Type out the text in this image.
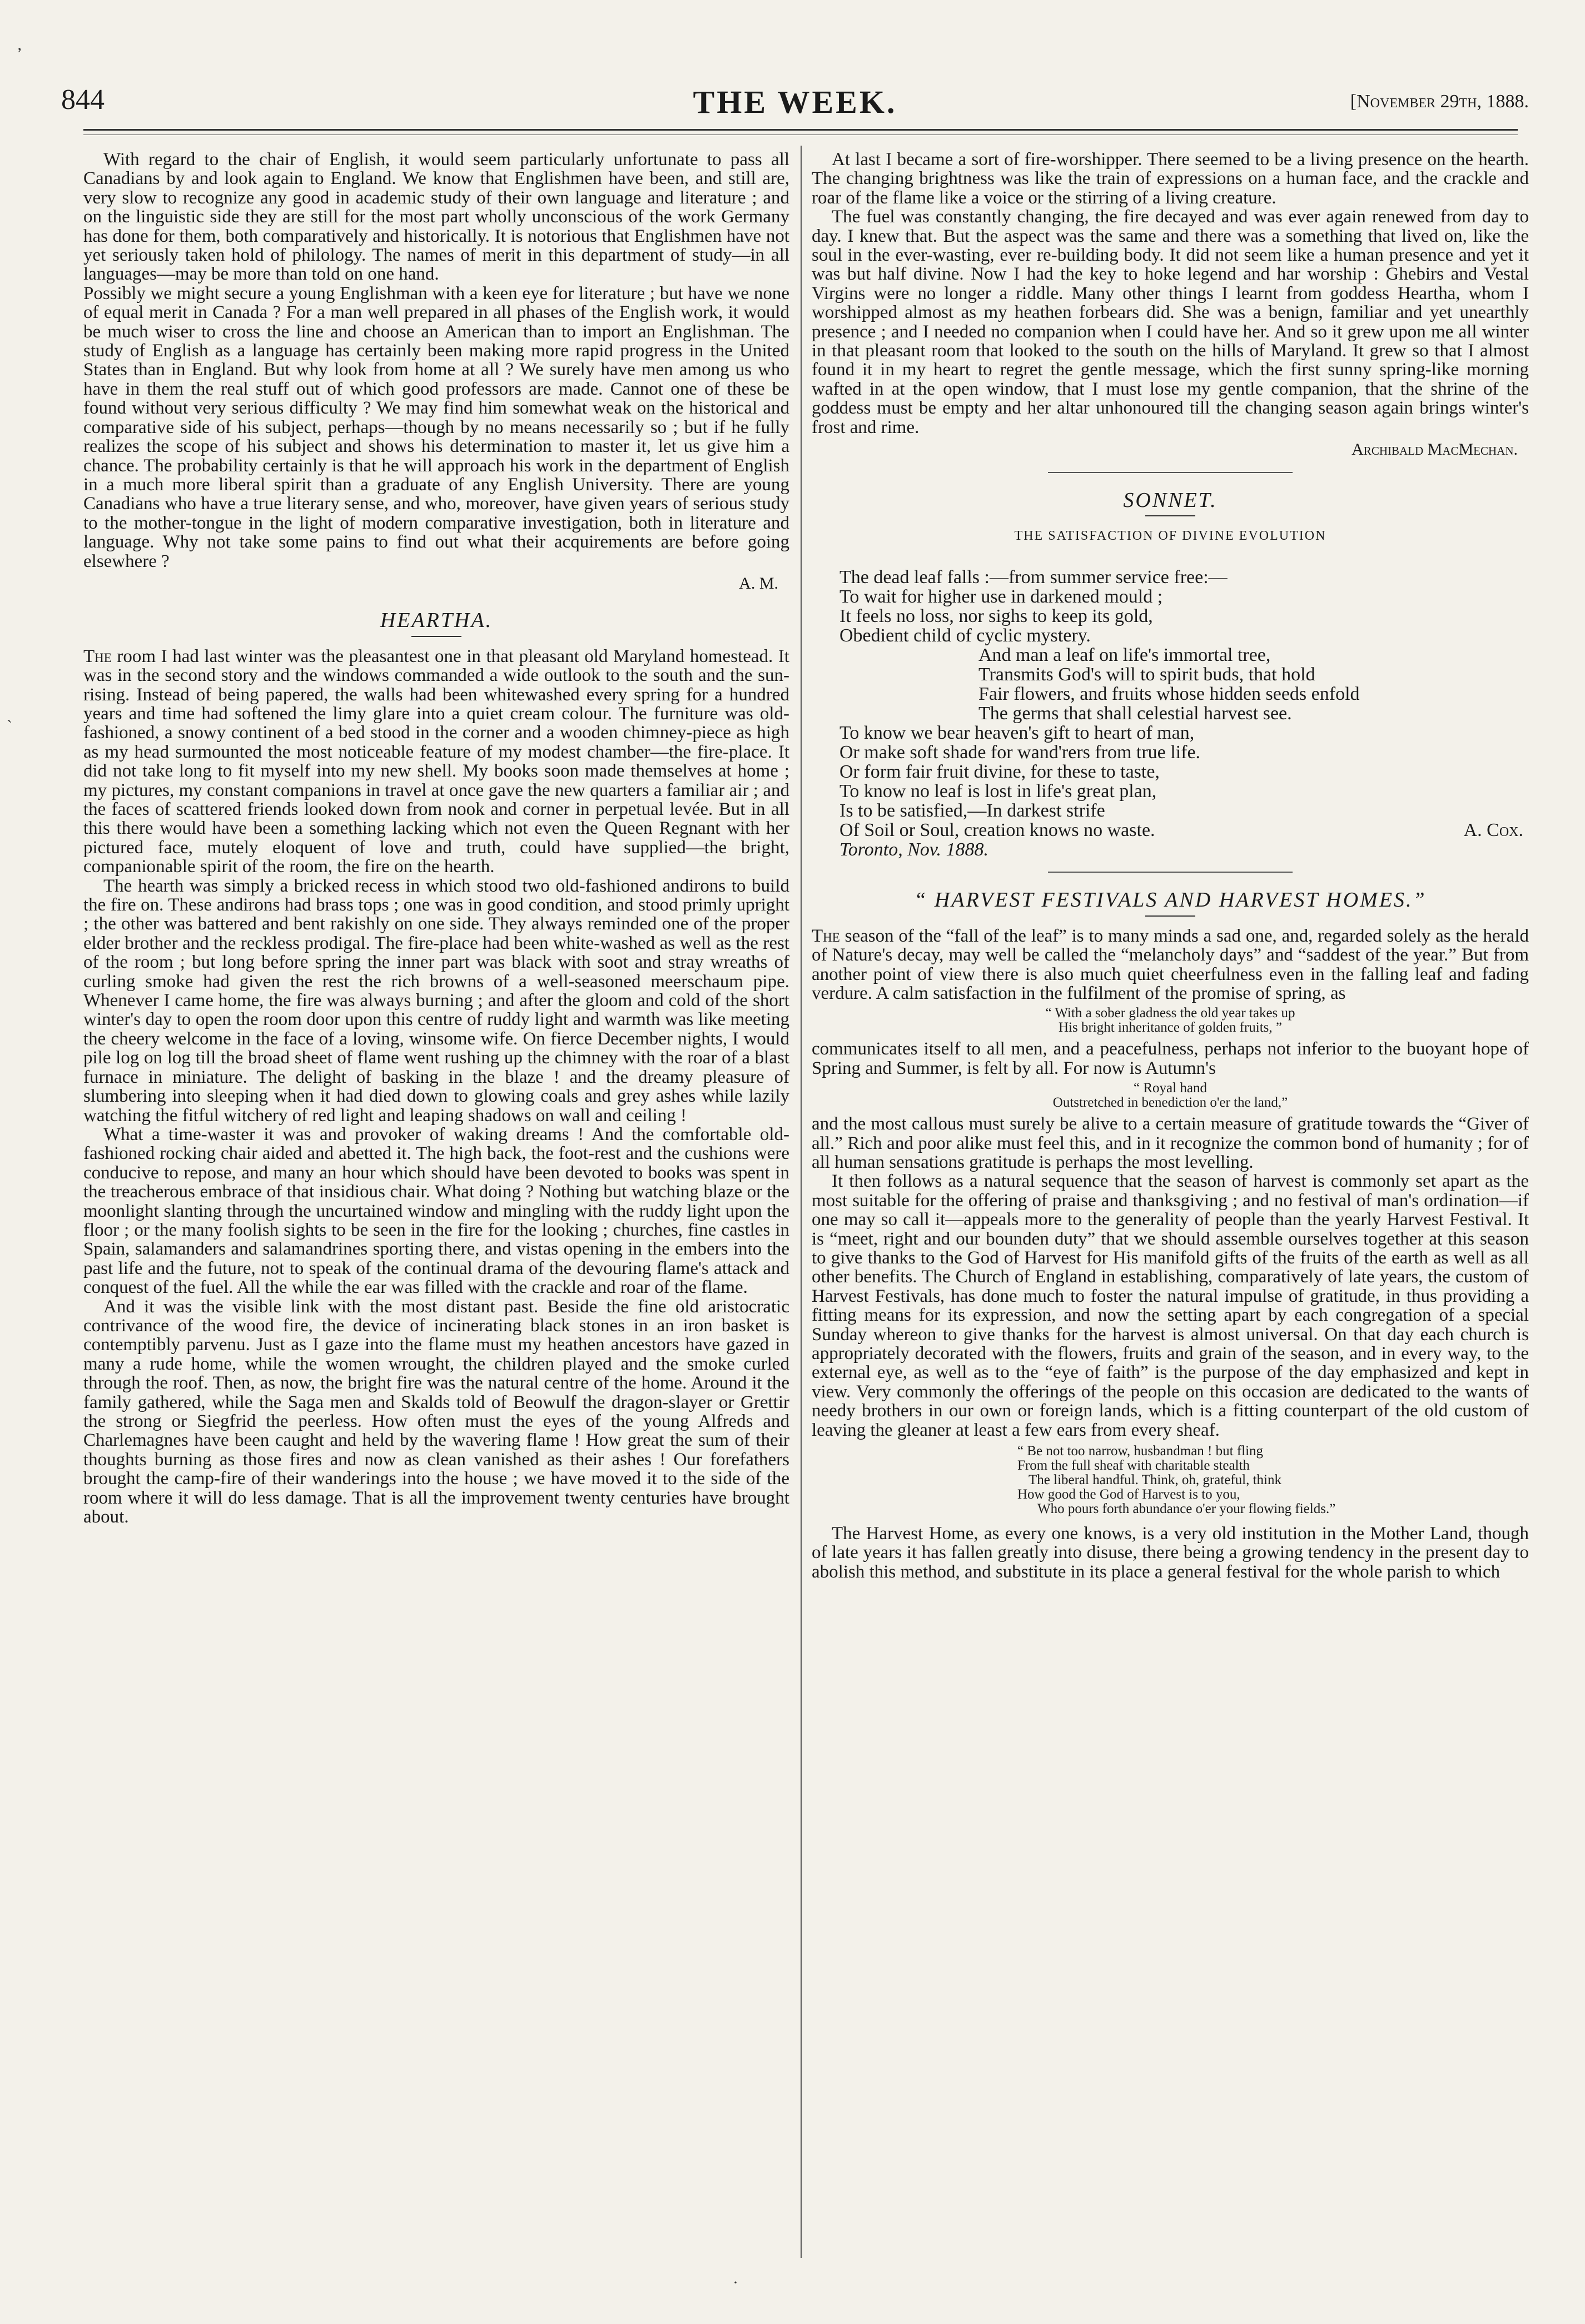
844	THE WEEK.	[November 29th, 1888.

With regard to the chair of English, it would seem particularly unfortunate to pass all Canadians by and look again to England. We know that Englishmen have been, and still are, very slow to recognize any good in academic study of their own language and literature ; and on the linguistic side they are still for the most part wholly unconscious of the work Germany has done for them, both comparatively and historically. It is notorious that Englishmen have not yet seriously taken hold of philology. The names of merit in this department of study—in all languages—may be more than told on one hand.

Possibly we might secure a young Englishman with a keen eye for literature ; but have we none of equal merit in Canada ? For a man well prepared in all phases of the English work, it would be much wiser to cross the line and choose an American than to import an Englishman. The study of English as a language has certainly been making more rapid progress in the United States than in England. But why look from home at all ? We surely have men among us who have in them the real stuff out of which good professors are made. Cannot one of these be found without very serious difficulty ? We may find him somewhat weak on the historical and comparative side of his subject, perhaps—though by no means necessarily so ; but if he fully realizes the scope of his subject and shows his determination to master it, let us give him a chance. The probability certainly is that he will approach his work in the department of English in a much more liberal spirit than a graduate of any English University. There are young Canadians who have a true literary sense, and who, moreover, have given years of serious study to the mother-tongue in the light of modern comparative investigation, both in literature and language. Why not take some pains to find out what their acquirements are before going elsewhere ?

A. M.
HEARTHA.

The room I had last winter was the pleasantest one in that pleasant old Maryland homestead. It was in the second story and the windows commanded a wide outlook to the south and the sun-rising. Instead of being papered, the walls had been whitewashed every spring for a hundred years and time had softened the limy glare into a quiet cream colour. The furniture was old-fashioned, a snowy continent of a bed stood in the corner and a wooden chimney-piece as high as my head surmounted the most noticeable feature of my modest chamber—the fire-place. It did not take long to fit myself into my new shell. My books soon made themselves at home ; my pictures, my constant companions in travel at once gave the new quarters a familiar air ; and the faces of scattered friends looked down from nook and corner in perpetual levée. But in all this there would have been a something lacking which not even the Queen Regnant with her pictured face, mutely eloquent of love and truth, could have supplied—the bright, companionable spirit of the room, the fire on the hearth.

The hearth was simply a bricked recess in which stood two old-fashioned andirons to build the fire on. These andirons had brass tops ; one was in good condition, and stood primly upright ; the other was battered and bent rakishly on one side. They always reminded one of the proper elder brother and the reckless prodigal. The fire-place had been white-washed as well as the rest of the room ; but long before spring the inner part was black with soot and stray wreaths of curling smoke had given the rest the rich browns of a well-seasoned meerschaum pipe. Whenever I came home, the fire was always burning ; and after the gloom and cold of the short winter's day to open the room door upon this centre of ruddy light and warmth was like meeting the cheery welcome in the face of a loving, winsome wife. On fierce December nights, I would pile log on log till the broad sheet of flame went rushing up the chimney with the roar of a blast furnace in miniature. The delight of basking in the blaze ! and the dreamy pleasure of slumbering into sleeping when it had died down to glowing coals and grey ashes while lazily watching the fitful witchery of red light and leaping shadows on wall and ceiling !

What a time-waster it was and provoker of waking dreams ! And the comfortable old-fashioned rocking chair aided and abetted it. The high back, the foot-rest and the cushions were conducive to repose, and many an hour which should have been devoted to books was spent in the treacherous embrace of that insidious chair. What doing ? Nothing but watching blaze or the moonlight slanting through the uncurtained window and mingling with the ruddy light upon the floor ; or the many foolish sights to be seen in the fire for the looking ; churches, fine castles in Spain, salamanders and salamandrines sporting there, and vistas opening in the embers into the past life and the future, not to speak of the continual drama of the devouring flame's attack and conquest of the fuel. All the while the ear was filled with the crackle and roar of the flame.

And it was the visible link with the most distant past. Beside the fine old aristocratic contrivance of the wood fire, the device of incinerating black stones in an iron basket is contemptibly parvenu. Just as I gaze into the flame must my heathen ancestors have gazed in many a rude home, while the women wrought, the children played and the smoke curled through the roof. Then, as now, the bright fire was the natural centre of the home. Around it the family gathered, while the Saga men and Skalds told of Beowulf the dragon-slayer or Grettir the strong or Siegfrid the peerless. How often must the eyes of the young Alfreds and Charlemagnes have been caught and held by the wavering flame ! How great the sum of their thoughts burning as those fires and now as clean vanished as their ashes ! Our forefathers brought the camp-fire of their wanderings into the house ; we have moved it to the side of the room where it will do less damage. That is all the improvement twenty centuries have brought about.

At last I became a sort of fire-worshipper. There seemed to be a living presence on the hearth. The changing brightness was like the train of expressions on a human face, and the crackle and roar of the flame like a voice or the stirring of a living creature.

The fuel was constantly changing, the fire decayed and was ever again renewed from day to day. I knew that. But the aspect was the same and there was a something that lived on, like the soul in the ever-wasting, ever re-building body. It did not seem like a human presence and yet it was but half divine. Now I had the key to hoke legend and har worship : Ghebirs and Vestal Virgins were no longer a riddle. Many other things I learnt from goddess Heartha, whom I worshipped almost as my heathen forbears did. She was a benign, familiar and yet unearthly presence ; and I needed no companion when I could have her. And so it grew upon me all winter in that pleasant room that looked to the south on the hills of Maryland. It grew so that I almost found it in my heart to regret the gentle message, which the first sunny spring-like morning wafted in at the open window, that I must lose my gentle companion, that the shrine of the goddess must be empty and her altar unhonoured till the changing season again brings winter's frost and rime.

Archibald MacMechan.
SONNET.
THE SATISFACTION OF DIVINE EVOLUTION
The dead leaf falls :—from summer service free:—
To wait for higher use in darkened mould ;
It feels no loss, nor sighs to keep its gold,
Obedient child of cyclic mystery.
And man a leaf on life's immortal tree,
Transmits God's will to spirit buds, that hold
Fair flowers, and fruits whose hidden seeds enfold
The germs that shall celestial harvest see.
To know we bear heaven's gift to heart of man,
Or make soft shade for wand'rers from true life.
Or form fair fruit divine, for these to taste,
To know no leaf is lost in life's great plan,
Is to be satisfied,—In darkest strife
Of Soil or Soul, creation knows no waste.	A. Cox.
Toronto, Nov. 1888.
“ HARVEST FESTIVALS AND HARVEST HOMES.”

The season of the “fall of the leaf” is to many minds a sad one, and, regarded solely as the herald of Nature's decay, may well be called the “melancholy days” and “saddest of the year.” But from another point of view there is also much quiet cheerfulness even in the falling leaf and fading verdure. A calm satisfaction in the fulfilment of the promise of spring, as

“ With a sober gladness the old year takes up
His bright inheritance of golden fruits, ”

communicates itself to all men, and a peacefulness, perhaps not inferior to the buoyant hope of Spring and Summer, is felt by all. For now is Autumn's

“ Royal hand
Outstretched in benediction o'er the land,”

and the most callous must surely be alive to a certain measure of gratitude towards the “Giver of all.” Rich and poor alike must feel this, and in it recognize the common bond of humanity ; for of all human sensations gratitude is perhaps the most levelling.

It then follows as a natural sequence that the season of harvest is commonly set apart as the most suitable for the offering of praise and thanksgiving ; and no festival of man's ordination—if one may so call it—appeals more to the generality of people than the yearly Harvest Festival. It is “meet, right and our bounden duty” that we should assemble ourselves together at this season to give thanks to the God of Harvest for His manifold gifts of the fruits of the earth as well as all other benefits. The Church of England in establishing, comparatively of late years, the custom of Harvest Festivals, has done much to foster the natural impulse of gratitude, in thus providing a fitting means for its expression, and now the setting apart by each congregation of a special Sunday whereon to give thanks for the harvest is almost universal. On that day each church is appropriately decorated with the flowers, fruits and grain of the season, and in every way, to the external eye, as well as to the “eye of faith” is the purpose of the day emphasized and kept in view. Very commonly the offerings of the people on this occasion are dedicated to the wants of needy brothers in our own or foreign lands, which is a fitting counterpart of the old custom of leaving the gleaner at least a few ears from every sheaf.

“ Be not too narrow, husbandman ! but fling
From the full sheaf with charitable stealth
The liberal handful. Think, oh, grateful, think
How good the God of Harvest is to you,
Who pours forth abundance o'er your flowing fields.”

The Harvest Home, as every one knows, is a very old institution in the Mother Land, though of late years it has fallen greatly into disuse, there being a growing tendency in the present day to abolish this method, and substitute in its place a general festival for the whole parish to which

’
`
·
